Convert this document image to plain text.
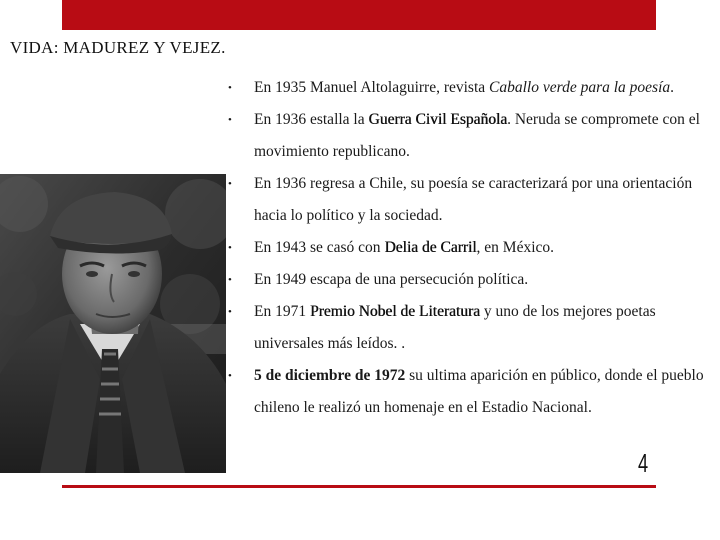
VIDA: MADUREZ Y VEJEZ.
• En 1935 Manuel Altolaguirre, revista Caballo verde para la poesía.
• En 1936 estalla la Guerra Civil Española. Neruda se compromete con el movimiento republicano.
• En 1936 regresa a Chile, su poesía se caracterizará por una orientación hacia lo político y la sociedad.
• En 1943 se casó con Delia de Carril, en México.
• En 1949 escapa de una persecución política.
• En 1971 Premio Nobel de Literatura y uno de los mejores poetas universales más leídos. .
• 5 de diciembre de 1972 su ultima aparición en público, donde el pueblo chileno le realizó un homenaje en el Estadio Nacional.
4
